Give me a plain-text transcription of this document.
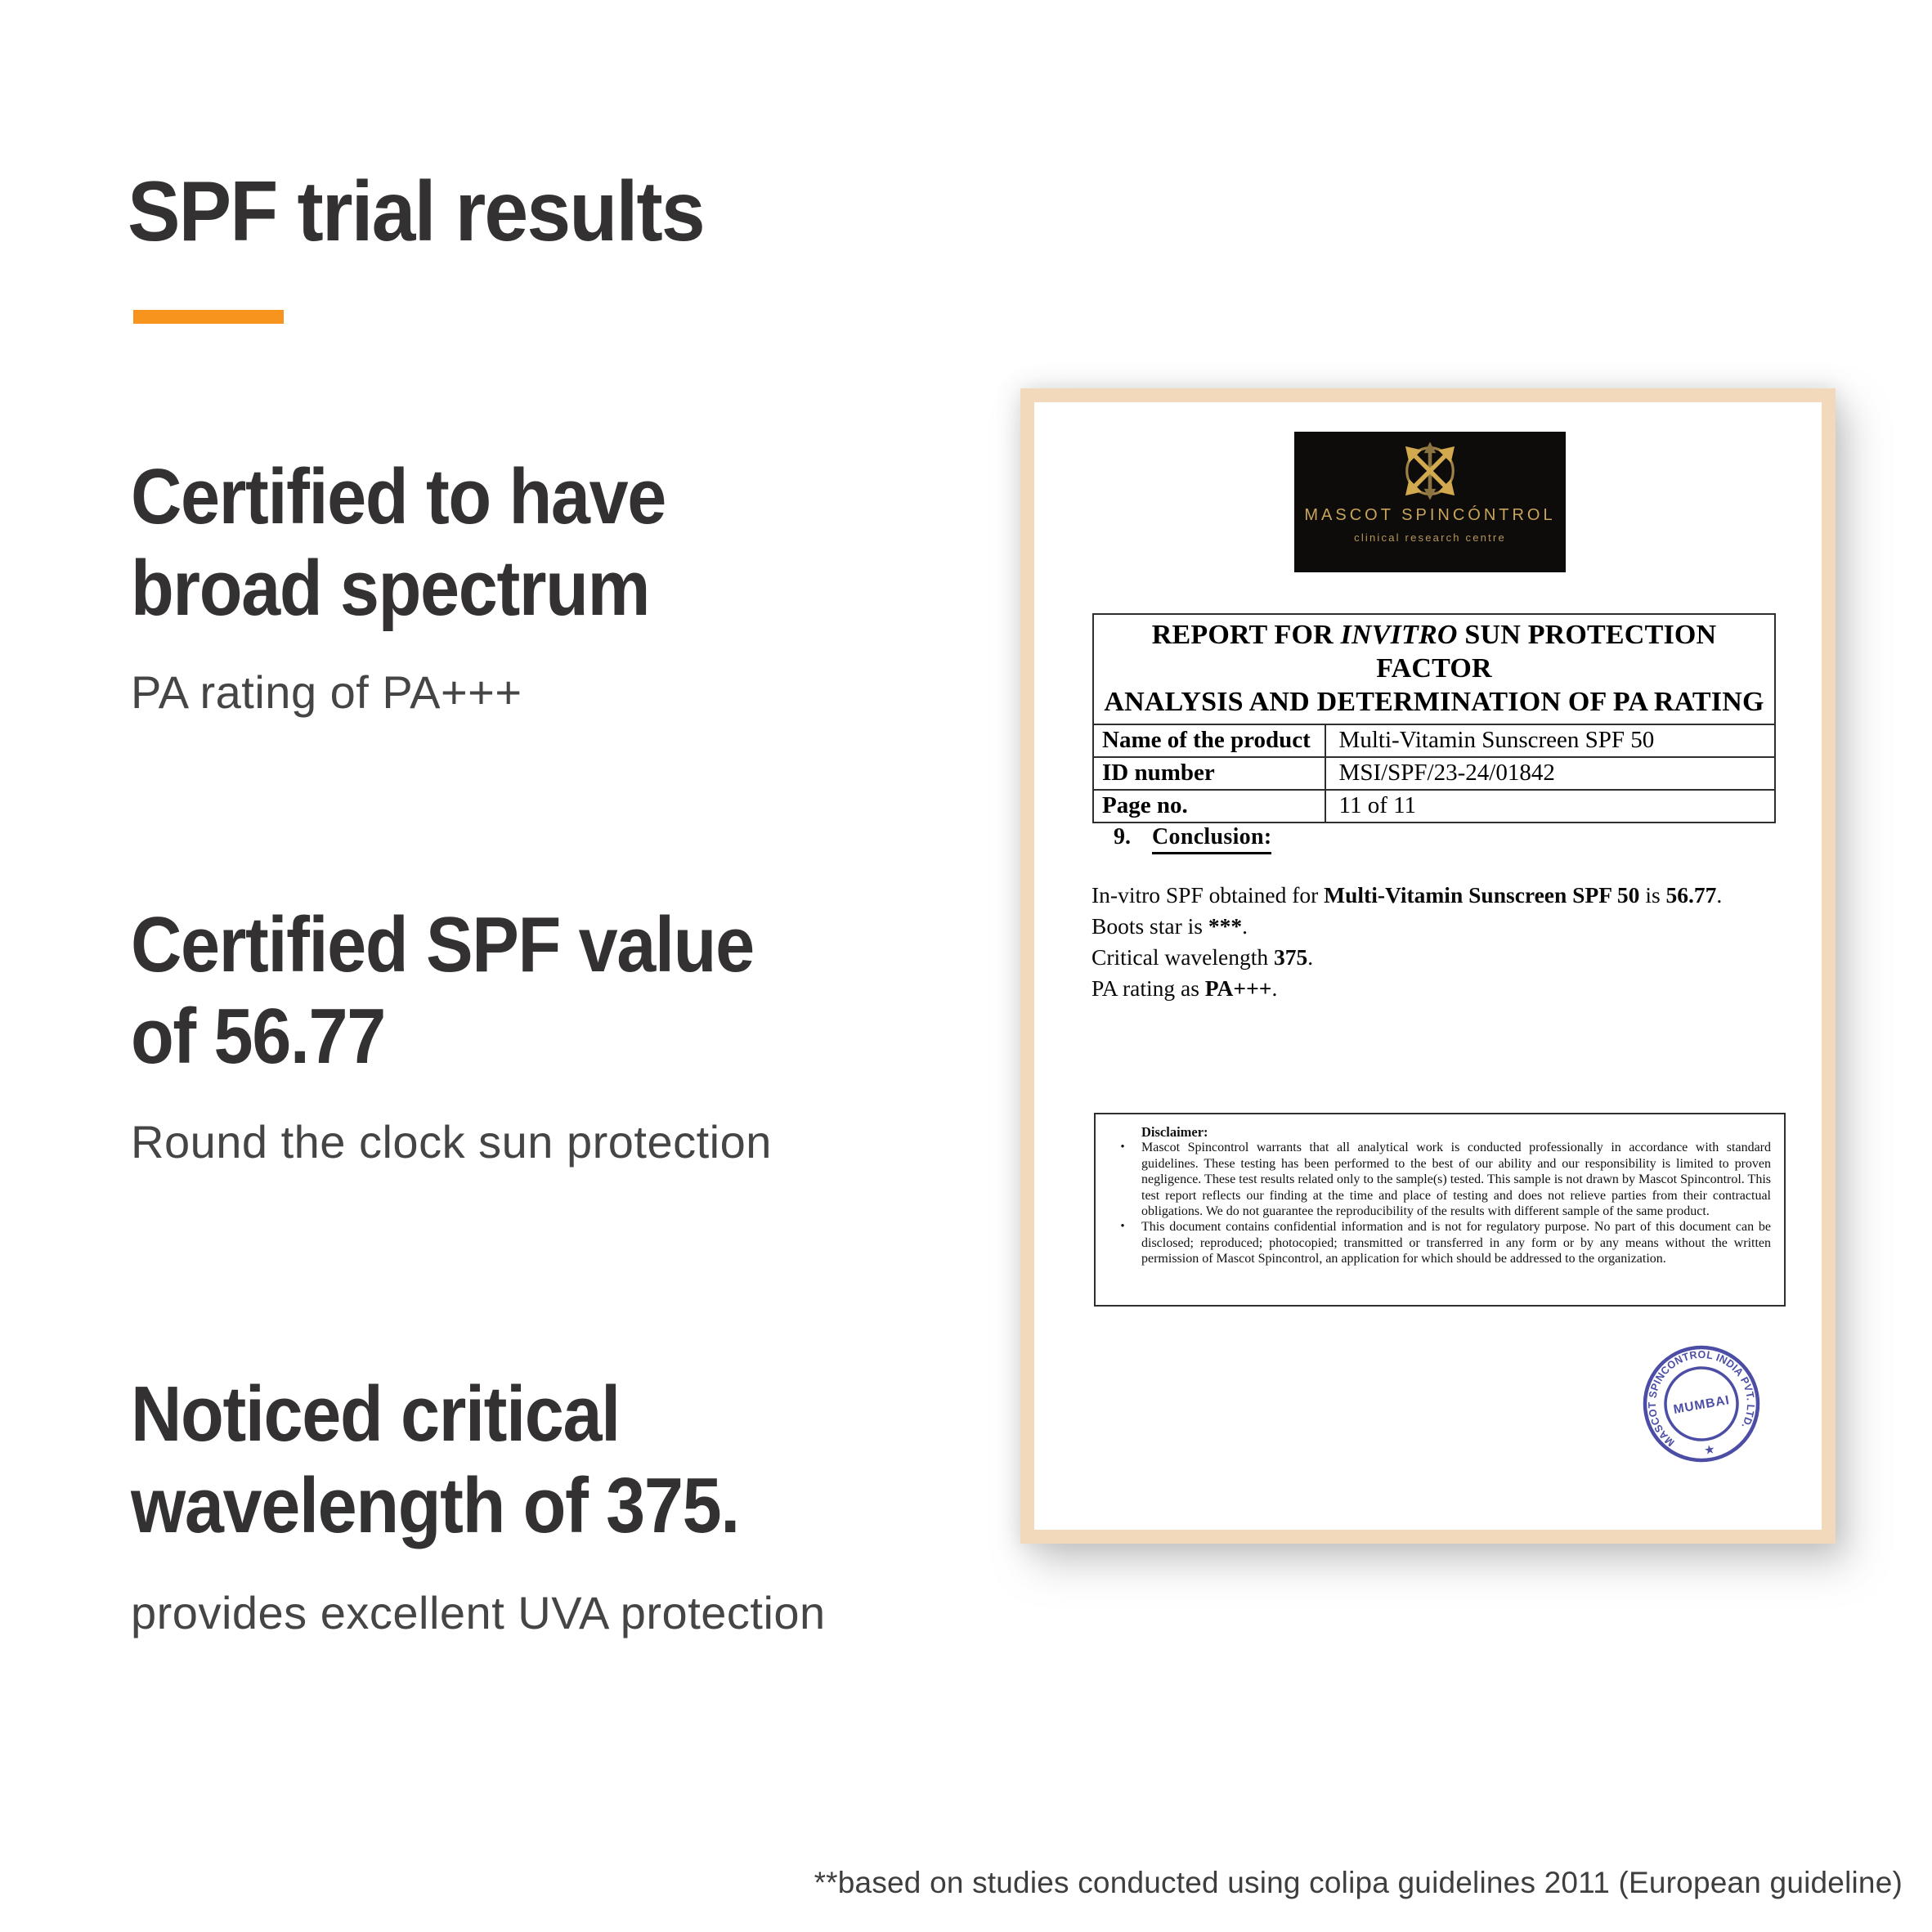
SPF trial results
Certified to have
broad spectrum
PA rating of PA+++
Certified SPF value
of 56.77
Round the clock sun protection
Noticed critical
wavelength of 375.
provides excellent UVA protection
**based on studies conducted using colipa guidelines 2011 (European guideline)
MASCOT SPINCÓNTROL
clinical research centre
REPORT FOR INVITRO SUN PROTECTION FACTOR
ANALYSIS AND DETERMINATION OF PA RATING	

Name of the product	Multi-Vitamin Sunscreen SPF 50
ID number	MSI/SPF/23-24/01842
Page no.	11 of 11
9. Conclusion:
In-vitro SPF obtained for Multi-Vitamin Sunscreen SPF 50 is 56.77.
Boots star is ***.
Critical wavelength 375.
PA rating as PA+++.
Disclaimer:
•	Mascot Spincontrol warrants that all analytical work is conducted professionally in accordance with standard guidelines. These testing has been performed to the best of our ability and our responsibility is limited to proven negligence. These test results related only to the sample(s) tested. This sample is not drawn by Mascot Spincontrol. This test report reflects our finding at the time and place of testing and does not relieve parties from their contractual obligations. We do not guarantee the reproducibility of the results with different sample of the same product.
•	This document contains confidential information and is not for regulatory purpose. No part of this document can be disclosed; reproduced; photocopied; transmitted or transferred in any form or by any means without the written permission of Mascot Spincontrol, an application for which should be addressed to the organization.
MASCOT SPINCONTROL INDIA PVT. LTD.
★
MUMBAI
